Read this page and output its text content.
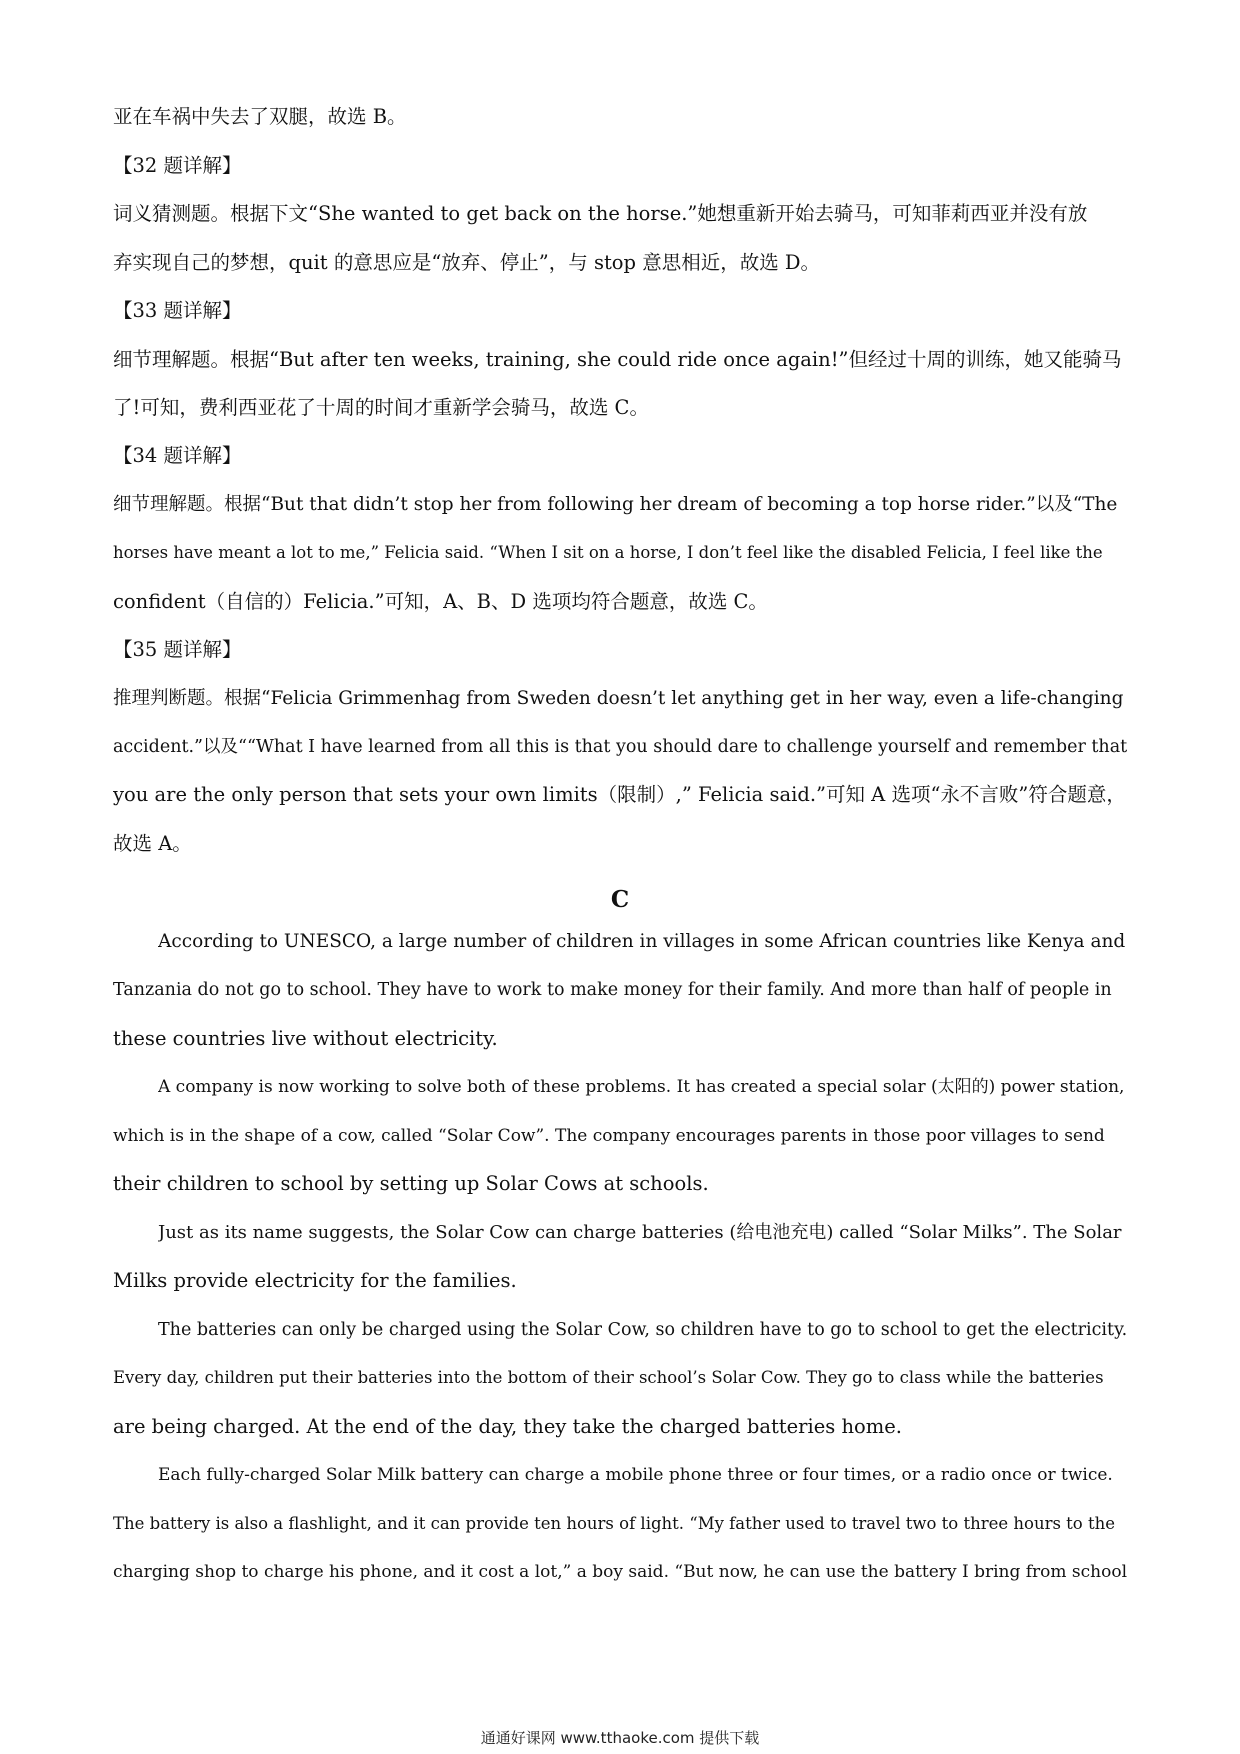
亚在车祸中失去了双腿，故选 B。
【32 题详解】
词义猜测题。根据下文“She wanted to get back on the horse.”她想重新开始去骑马，可知菲莉西亚并没有放
弃实现自己的梦想，quit 的意思应是“放弃、停止”，与 stop 意思相近，故选 D。
【33 题详解】
细节理解题。根据“But after ten weeks, training, she could ride once again!”但经过十周的训练，她又能骑马
了!可知，费利西亚花了十周的时间才重新学会骑马，故选 C。
【34 题详解】
细节理解题。根据“But that didn’t stop her from following her dream of becoming a top horse rider.”以及“The
horses have meant a lot to me,” Felicia said. “When I sit on a horse, I don’t feel like the disabled Felicia, I feel like the
confident（自信的）Felicia.”可知，A、B、D 选项均符合题意，故选 C。
【35 题详解】
推理判断题。根据“Felicia Grimmenhag from Sweden doesn’t let anything get in her way, even a life-changing
accident.”以及““What I have learned from all this is that you should dare to challenge yourself and remember that
you are the only person that sets your own limits（限制）,” Felicia said.”可知 A 选项“永不言败”符合题意，
故选 A。
C
According to UNESCO, a large number of children in villages in some African countries like Kenya and
Tanzania do not go to school. They have to work to make money for their family. And more than half of people in
these countries live without electricity.
A company is now working to solve both of these problems. It has created a special solar (太阳的) power station,
which is in the shape of a cow, called “Solar Cow”. The company encourages parents in those poor villages to send
their children to school by setting up Solar Cows at schools.
Just as its name suggests, the Solar Cow can charge batteries (给电池充电) called “Solar Milks”. The Solar
Milks provide electricity for the families.
The batteries can only be charged using the Solar Cow, so children have to go to school to get the electricity.
Every day, children put their batteries into the bottom of their school’s Solar Cow. They go to class while the batteries
are being charged. At the end of the day, they take the charged batteries home.
Each fully-charged Solar Milk battery can charge a mobile phone three or four times, or a radio once or twice.
The battery is also a flashlight, and it can provide ten hours of light. “My father used to travel two to three hours to the
charging shop to charge his phone, and it cost a lot,” a boy said. “But now, he can use the battery I bring from school
通通好课网 www.tthaoke.com 提供下载
